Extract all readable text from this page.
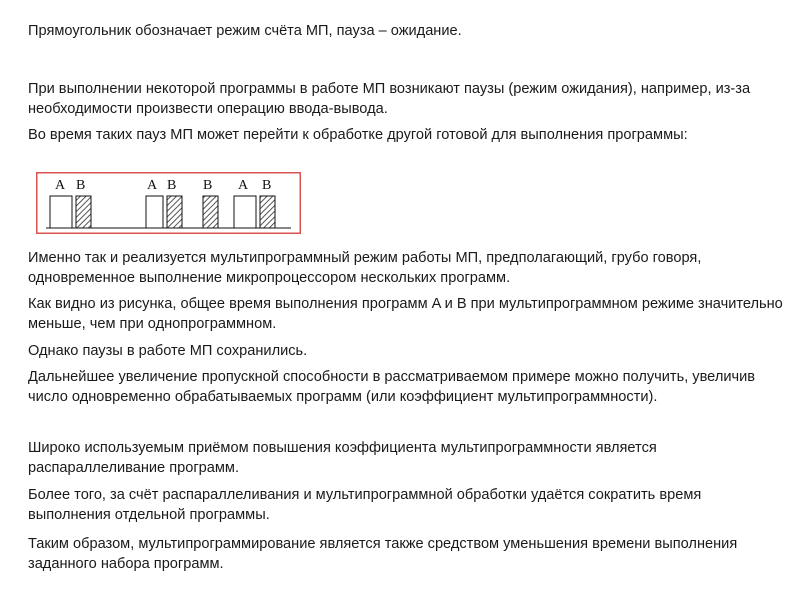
Прямоугольник обозначает режим счёта МП, пауза – ожидание.

При выполнении некоторой программы в работе МП возникают паузы (режим ожидания), например, из-за необходимости произвести операцию ввода-вывода.

Во время таких пауз МП может перейти к обработке другой готовой для выполнения программы:

A B	A B B A B

Именно так и реализуется мультипрограммный режим работы МП, предполагающий, грубо говоря, одновременное выполнение микропроцессором нескольких программ.

Как видно из рисунка, общее время выполнения программ A и B при мультипрограммном режиме значительно меньше, чем при однопрограммном.

Однако паузы в работе МП сохранились.

Дальнейшее увеличение пропускной способности в рассматриваемом примере можно получить, увеличив число одновременно обрабатываемых программ (или коэффициент мультипрограммности).

Широко используемым приёмом повышения коэффициента мультипрограммности является распараллеливание программ.

Более того, за счёт распараллеливания и мультипрограммной обработки удаётся сократить время выполнения отдельной программы.

Таким образом, мультипрограммирование является также средством уменьшения времени выполнения заданного набора программ.
